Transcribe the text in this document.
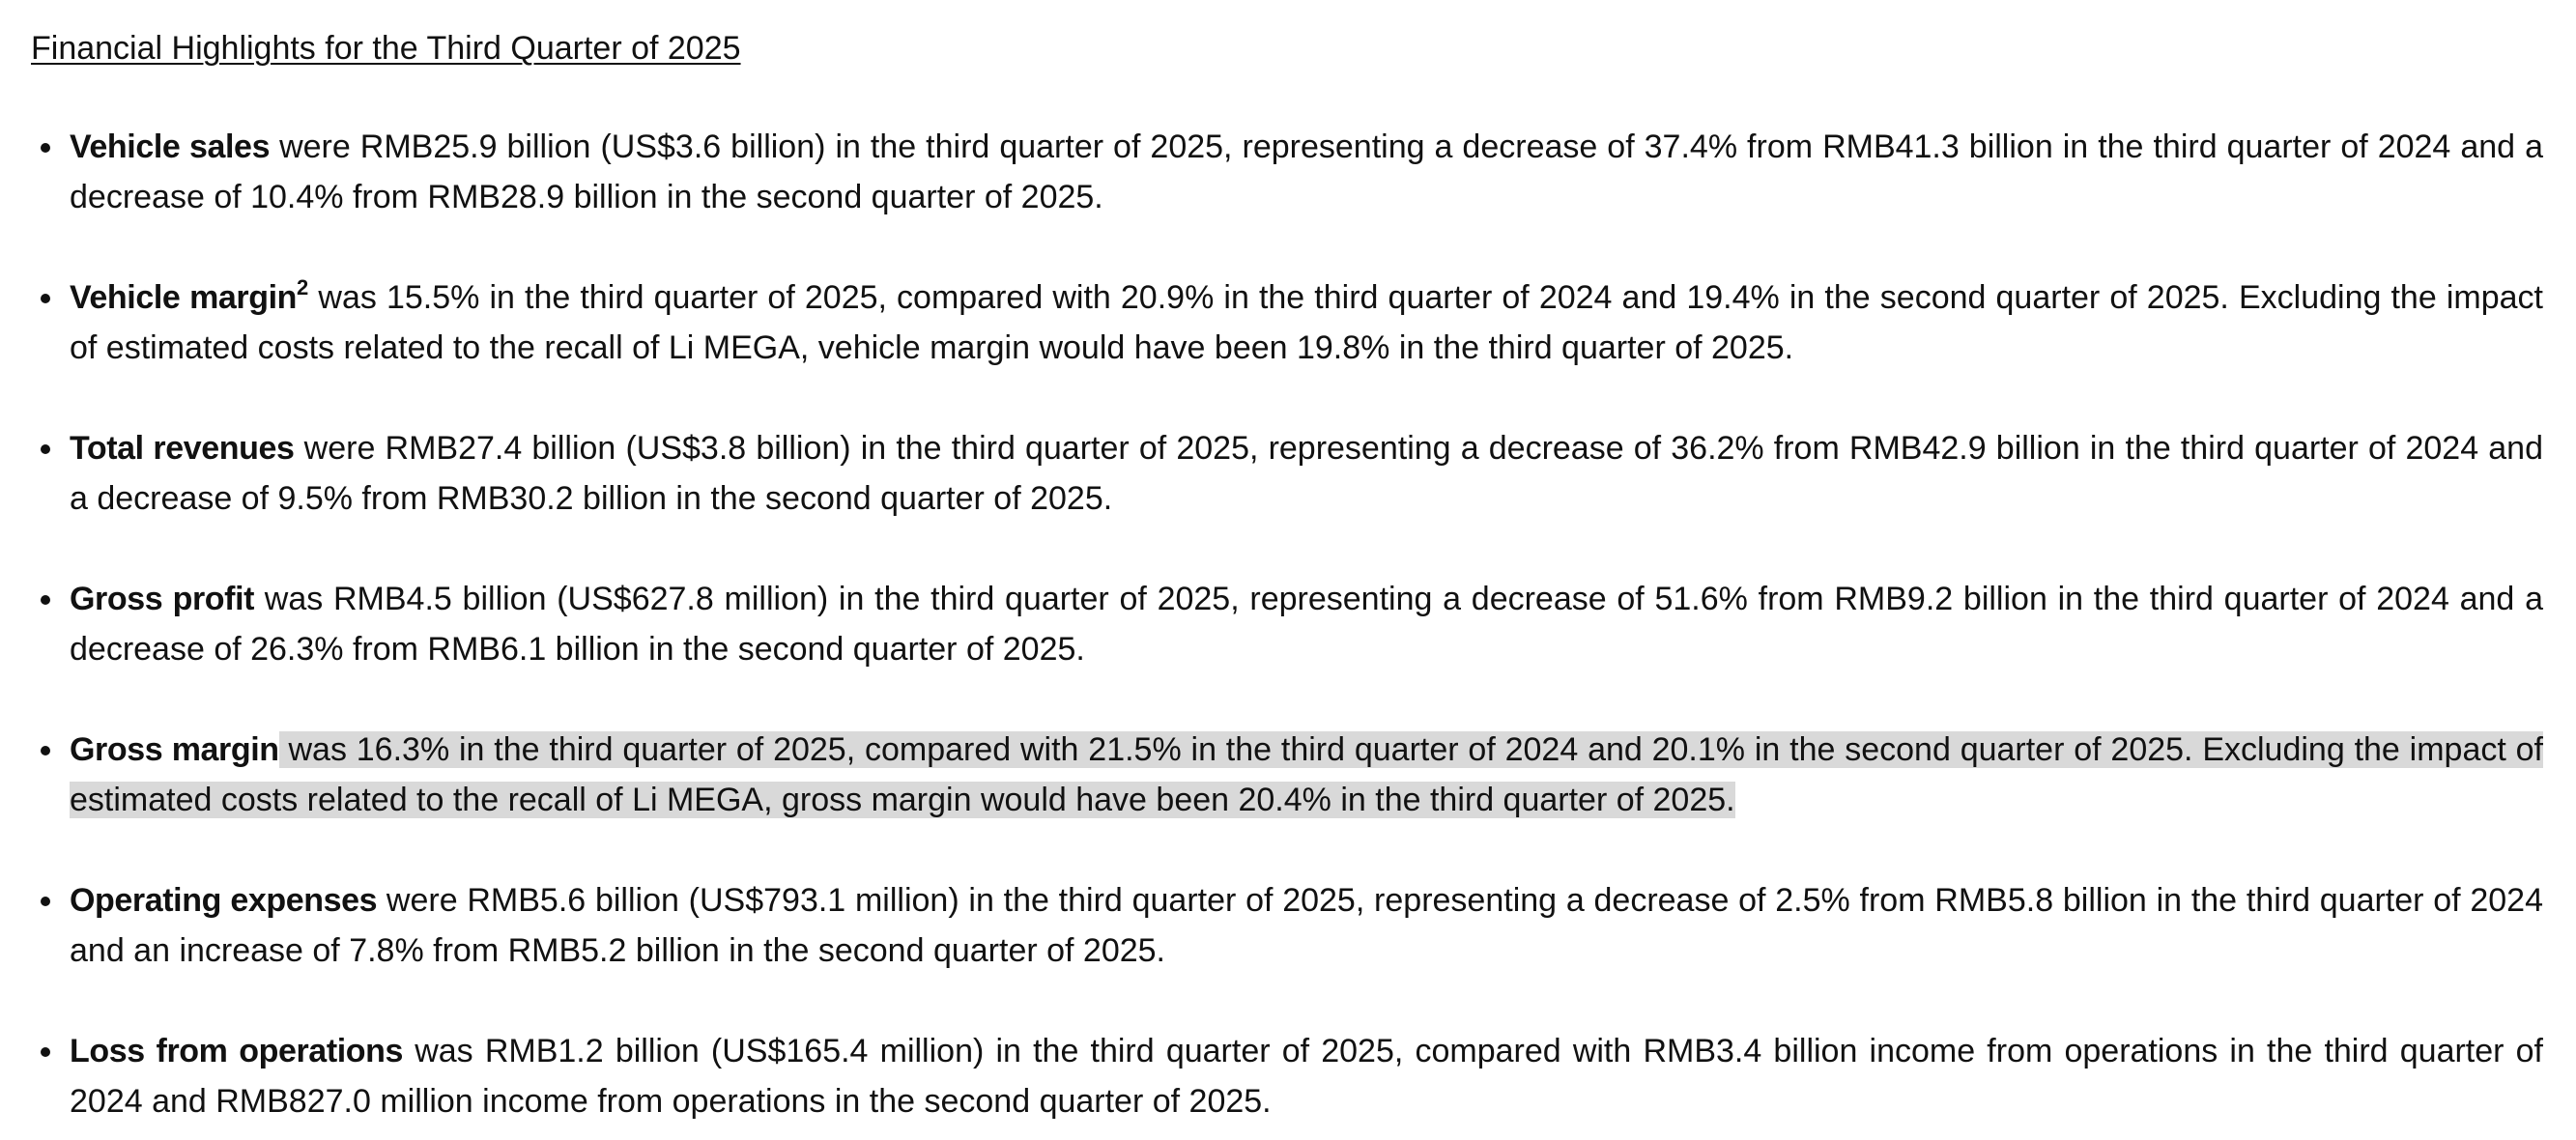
Financial Highlights for the Third Quarter of 2025
Vehicle sales were RMB25.9 billion (US$3.6 billion) in the third quarter of 2025, representing a decrease of 37.4% from RMB41.3 billion in the third quarter of 2024 and a decrease of 10.4% from RMB28.9 billion in the second quarter of 2025.
Vehicle margin$^2$ was 15.5% in the third quarter of 2025, compared with 20.9% in the third quarter of 2024 and 19.4% in the second quarter of 2025. Excluding the impact of estimated costs related to the recall of Li MEGA, vehicle margin would have been 19.8% in the third quarter of 2025.
Total revenues were RMB27.4 billion (US$3.8 billion) in the third quarter of 2025, representing a decrease of 36.2% from RMB42.9 billion in the third quarter of 2024 and a decrease of 9.5% from RMB30.2 billion in the second quarter of 2025.
Gross profit was RMB4.5 billion (US$627.8 million) in the third quarter of 2025, representing a decrease of 51.6% from RMB9.2 billion in the third quarter of 2024 and a decrease of 26.3% from RMB6.1 billion in the second quarter of 2025.
Gross margin was 16.3% in the third quarter of 2025, compared with 21.5% in the third quarter of 2024 and 20.1% in the second quarter of 2025. Excluding the impact of estimated costs related to the recall of Li MEGA, gross margin would have been 20.4% in the third quarter of 2025.
Operating expenses were RMB5.6 billion (US$793.1 million) in the third quarter of 2025, representing a decrease of 2.5% from RMB5.8 billion in the third quarter of 2024 and an increase of 7.8% from RMB5.2 billion in the second quarter of 2025.
Loss from operations was RMB1.2 billion (US$165.4 million) in the third quarter of 2025, compared with RMB3.4 billion income from operations in the third quarter of 2024 and RMB827.0 million income from operations in the second quarter of 2025.
